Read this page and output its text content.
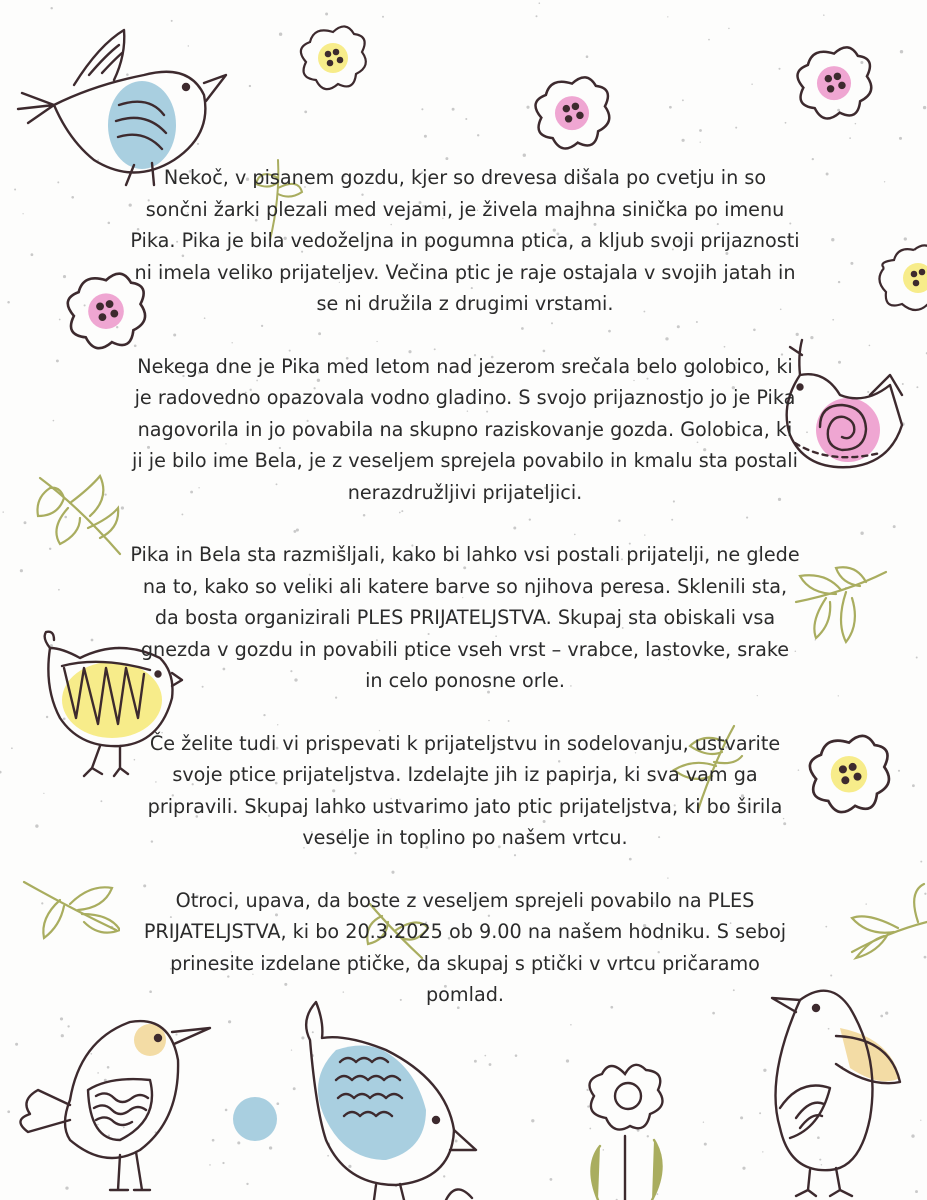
Nekoč, v pisanem gozdu, kjer so drevesa dišala po cvetju in so sončni žarki plezali med vejami, je živela majhna sinička po imenu Pika. Pika je bila vedoželjna in pogumna ptica, a kljub svoji prijaznosti ni imela veliko prijateljev. Večina ptic je raje ostajala v svojih jatah in se ni družila z drugimi vrstami.

Nekega dne je Pika med letom nad jezerom srečala belo golobico, ki je radovedno opazovala vodno gladino. S svojo prijaznostjo jo je Pika nagovorila in jo povabila na skupno raziskovanje gozda. Golobica, ki ji je bilo ime Bela, je z veseljem sprejela povabilo in kmalu sta postali nerazdružljivi prijateljici.

Pika in Bela sta razmišljali, kako bi lahko vsi postali prijatelji, ne glede na to, kako so veliki ali katere barve so njihova peresa. Sklenili sta, da bosta organizirali PLES PRIJATELJSTVA. Skupaj sta obiskali vsa gnezda v gozdu in povabili ptice vseh vrst – vrabce, lastovke, srake in celo ponosne orle.

Če želite tudi vi prispevati k prijateljstvu in sodelovanju, ustvarite svoje ptice prijateljstva. Izdelajte jih iz papirja, ki sva vam ga pripravili. Skupaj lahko ustvarimo jato ptic prijateljstva, ki bo širila veselje in toplino po našem vrtcu.

Otroci, upava, da boste z veseljem sprejeli povabilo na PLES PRIJATELJSTVA, ki bo 20.3.2025 ob 9.00 na našem hodniku. S seboj prinesite izdelane ptičke, da skupaj s ptički v vrtcu pričaramo pomlad.
